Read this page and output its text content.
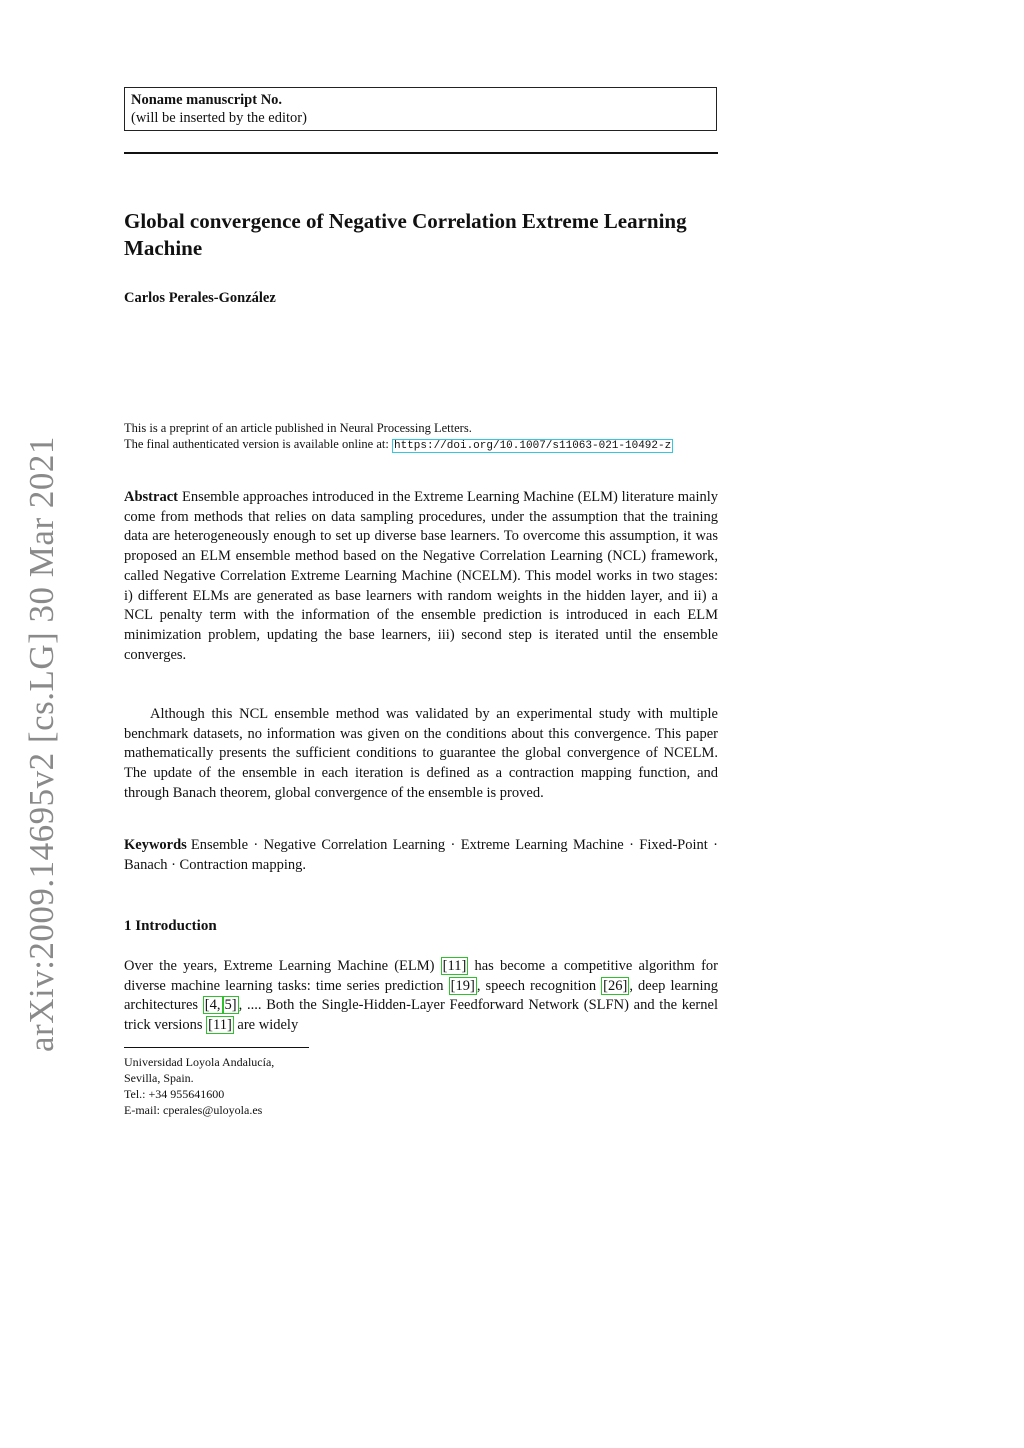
Noname manuscript No.
(will be inserted by the editor)
Global convergence of Negative Correlation Extreme Learning Machine
Carlos Perales-González
This is a preprint of an article published in Neural Processing Letters.
The final authenticated version is available online at: https://doi.org/10.1007/s11063-021-10492-z
Abstract Ensemble approaches introduced in the Extreme Learning Machine (ELM) literature mainly come from methods that relies on data sampling procedures, under the assumption that the training data are heterogeneously enough to set up diverse base learners. To overcome this assumption, it was proposed an ELM ensemble method based on the Negative Correlation Learning (NCL) framework, called Negative Correlation Extreme Learning Machine (NCELM). This model works in two stages: i) different ELMs are generated as base learners with random weights in the hidden layer, and ii) a NCL penalty term with the information of the ensemble prediction is introduced in each ELM minimization problem, updating the base learners, iii) second step is iterated until the ensemble converges.
Although this NCL ensemble method was validated by an experimental study with multiple benchmark datasets, no information was given on the conditions about this convergence. This paper mathematically presents the sufficient conditions to guarantee the global convergence of NCELM. The update of the ensemble in each iteration is defined as a contraction mapping function, and through Banach theorem, global convergence of the ensemble is proved.
Keywords Ensemble · Negative Correlation Learning · Extreme Learning Machine · Fixed-Point · Banach · Contraction mapping.
1 Introduction
Over the years, Extreme Learning Machine (ELM) [11] has become a competitive algorithm for diverse machine learning tasks: time series prediction [19] , speech recognition [26] , deep learning architectures [4, 5] , .... Both the Single-Hidden-Layer Feedforward Network (SLFN) and the kernel trick versions [11] are widely
Universidad Loyola Andalucía,
Sevilla, Spain.
Tel.: +34 955641600
E-mail: cperales@uloyola.es
arXiv:2009.14695v2 [cs.LG] 30 Mar 2021
